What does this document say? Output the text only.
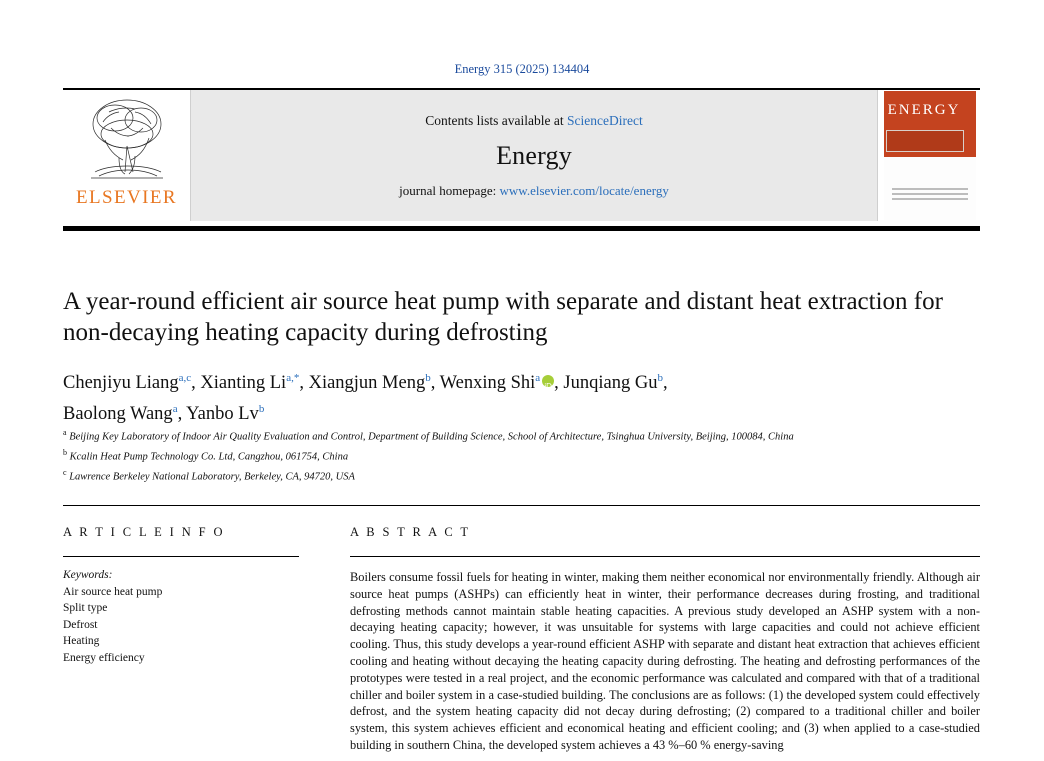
Energy 315 (2025) 134404
ELSEVIER
Contents lists available at ScienceDirect
Energy
journal homepage: www.elsevier.com/locate/energy
ENERGY
A year-round efficient air source heat pump with separate and distant heat extraction for non-decaying heating capacity during defrosting
Chenjiyu Liang$^{a,c}$, Xianting $Li^{a,*}$, Xiangjun Meng$^b$, Wenxing Shi$^a$ iD , Junqiang Gu$^b$,
Baolong Wang$^a$, Yanbo Lv$^b$
$^a$ Beijing Key Laboratory of Indoor Air Quality Evaluation and Control, Department of Building Science, School of Architecture, Tsinghua University, Beijing, 100084, China
$^b$ Kcalin Heat Pump Technology Co. Ltd, Cangzhou, 061754, China
$^c$ Lawrence Berkeley National Laboratory, Berkeley, CA, 94720, USA
A R T I C L E I N F O
Keywords:
Air source heat pump
Split type
Defrost
Heating
Energy efficiency
A B S T R A C T
Boilers consume fossil fuels for heating in winter, making them neither economical nor environmentally friendly. Although air source heat pumps (ASHPs) can efficiently heat in winter, their performance decreases during frosting, and traditional defrosting methods cannot maintain stable heating capacities. A previous study developed an ASHP system with a non-decaying heating capacity; however, it was unsuitable for systems with large capacities and could not achieve efficient cooling. Thus, this study develops a year-round efficient ASHP with separate and distant heat extraction that achieves efficient cooling and heating without decaying the heating capacity during defrosting. The heating and defrosting performances of the prototypes were tested in a real project, and the economic performance was calculated and compared with that of a traditional chiller and boiler system in a case-studied building. The conclusions are as follows: (1) the developed system could effectively defrost, and the system heating capacity did not decay during defrosting; (2) compared to a traditional chiller and boiler system, this system achieves efficient and economical heating and efficient cooling; and (3) when applied to a case-studied building in southern China, the developed system achieves a 43 %–60 % energy-saving
